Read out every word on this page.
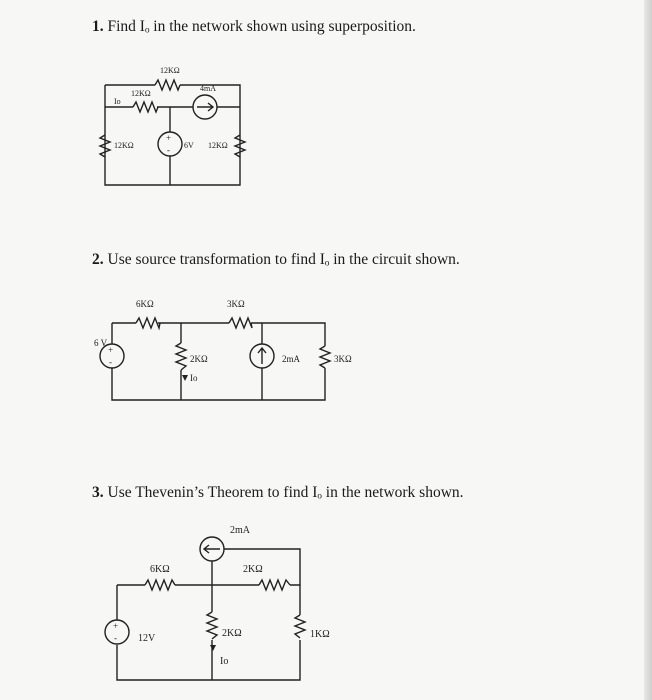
1. Find Iₒ in the network shown using superposition.
2. Use source transformation to find Iₒ in the circuit shown.
3. Use Thevenin’s Theorem to find Iₒ in the network shown.
+
-
12KΩ
12KΩ
Io
4mA
12KΩ	6V 12KΩ
+
-
6KΩ	3KΩ
6 V
2KΩ
Io
2mA	3KΩ
+
-
2mA
6KΩ	2KΩ
12V	2KΩ
Io
1KΩ
